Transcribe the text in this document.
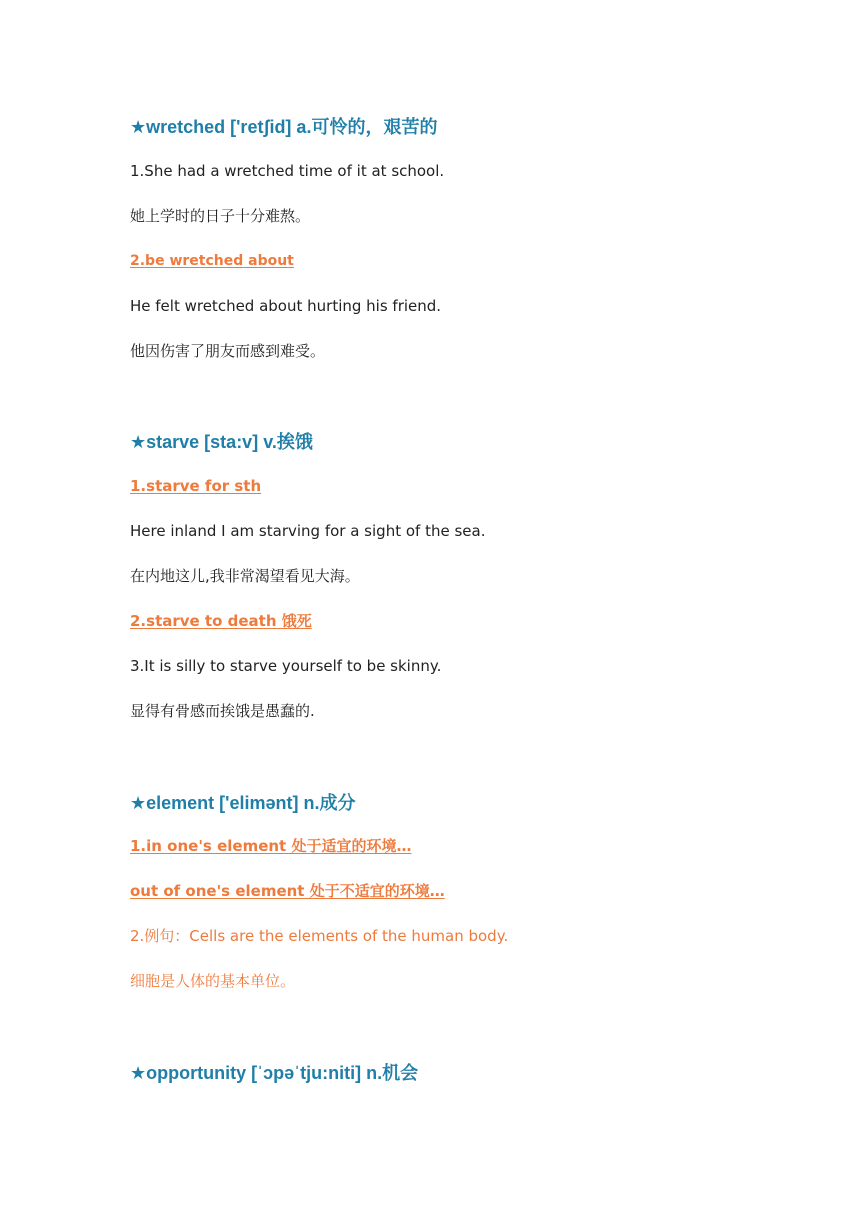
★wretched ['retʃid] a.可怜的，艰苦的
1.She had a wretched time of it at school.
她上学时的日子十分难熬。
2.be wretched about
He felt wretched about hurting his friend.
他因伤害了朋友而感到难受。
★starve [sta:v] v.挨饿
1.starve for sth
Here inland I am starving for a sight of the sea.
在内地这儿,我非常渴望看见大海。
2.starve to death 饿死
3.It is silly to starve yourself to be skinny.
显得有骨感而挨饿是愚蠢的.
★element ['elimənt] n.成分
1.in one's element 处于适宜的环境…
out of one's element 处于不适宜的环境…
2.例句：Cells are the elements of the human body.
细胞是人体的基本单位。
★opportunity [ˈɔpəˈtju:niti] n.机会
